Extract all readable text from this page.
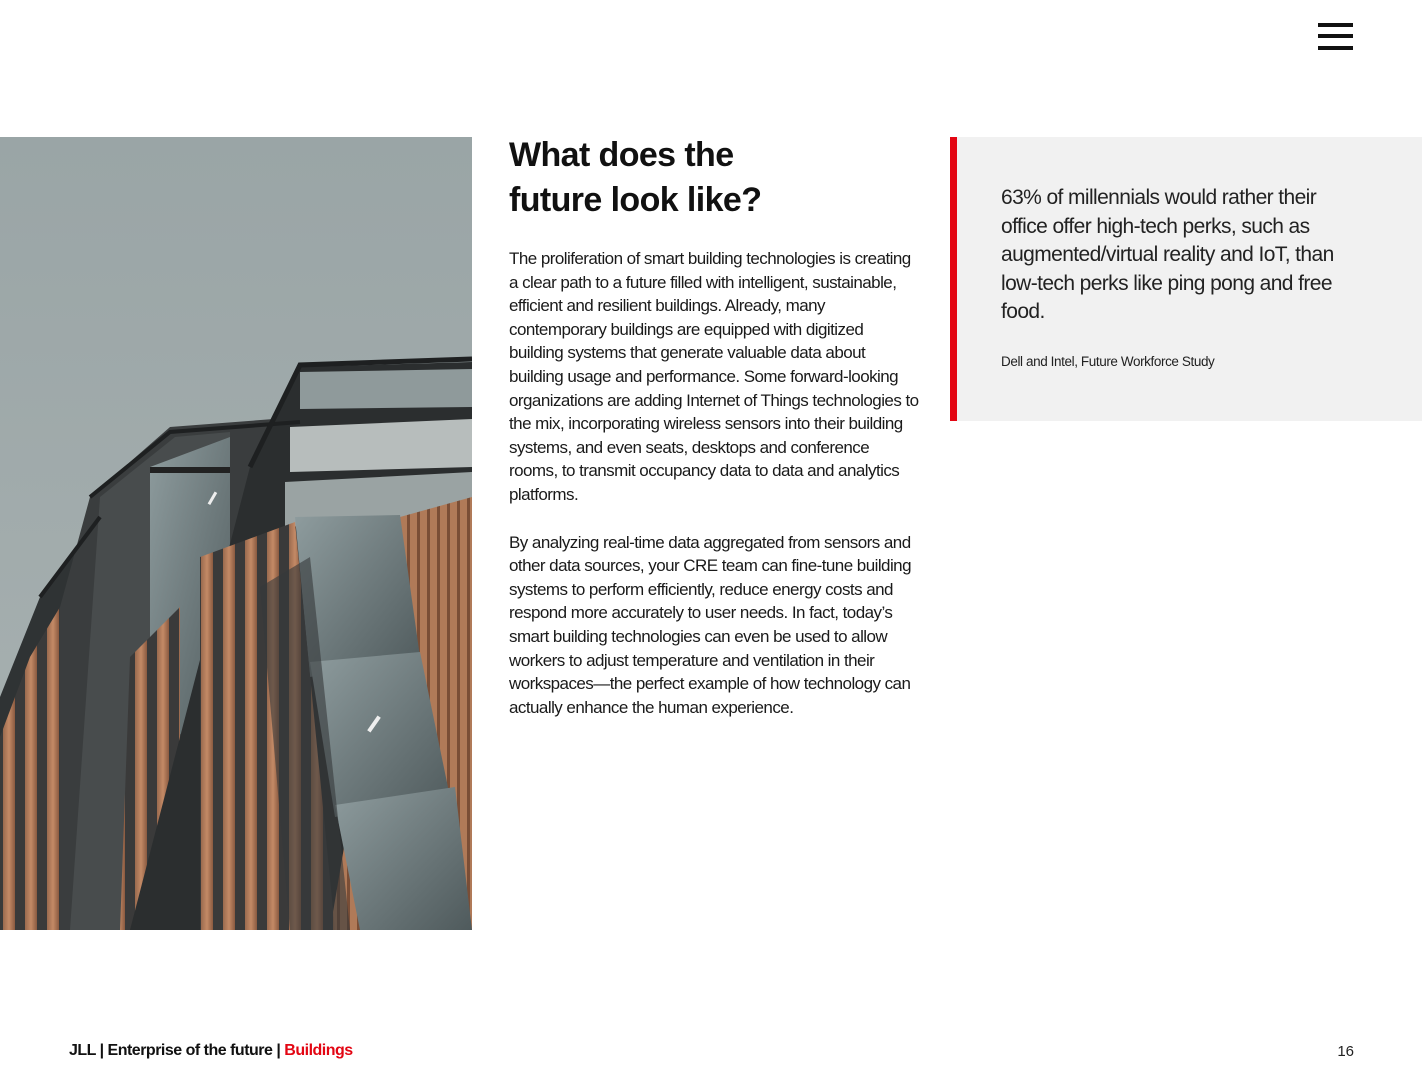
What does the
future look like?

The proliferation of smart building technologies is creating a clear path to a future filled with intelligent, sustainable, efficient and resilient buildings. Already, many contemporary buildings are equipped with digitized building systems that generate valuable data about building usage and performance. Some forward-looking organizations are adding Internet of Things technologies to the mix, incorporating wireless sensors into their building systems, and even seats, desktops and conference rooms, to transmit occupancy data to data and analytics platforms.

By analyzing real-time data aggregated from sensors and other data sources, your CRE team can fine-tune building systems to perform efficiently, reduce energy costs and respond more accurately to user needs. In fact, today’s smart building technologies can even be used to allow workers to adjust temperature and ventilation in their workspaces—the perfect example of how technology can actually enhance the human experience.

63% of millennials would rather their office offer high-tech perks, such as augmented/virtual reality and IoT, than low-tech perks like ping pong and free food.

Dell and Intel, Future Workforce Study

JLL | Enterprise of the future | Buildings	16
